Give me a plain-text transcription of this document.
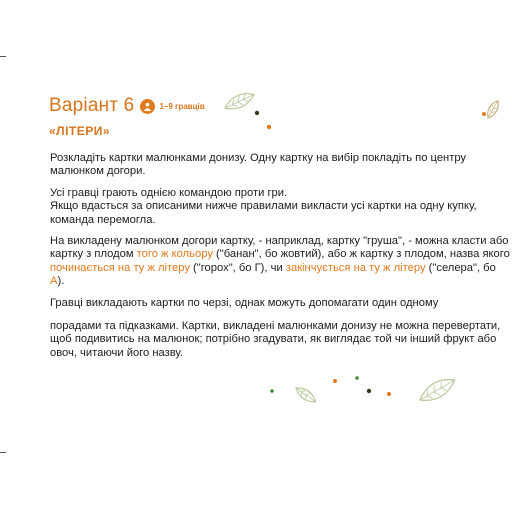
Варіант 6	1–9 гравців
«ЛІТЕРИ»

Розкладіть картки малюнками донизу. Одну картку на вибір покладіть по центру малюнком догори.

Усі гравці грають однією командою проти гри.
Якщо вдасться за описаними нижче правилами викласти усі картки на одну купку, команда перемогла.

На викладену малюнком догори картку, - наприклад, картку "груша", - можна класти або картку з плодом того ж кольору ("банан", бо жовтий), або ж картку з плодом, назва якого починається на ту ж літеру ("горох", бо Г), чи закінчується на ту ж літеру ("селера", бо А).

Гравці викладають картки по черзі, однак можуть допомагати один одному

порадами та підказками. Картки, викладені малюнками донизу не можна перевертати, щоб подивитись на малюнок; потрібно згадувати, як виглядає той чи інший фрукт або овоч, читаючи його назву.
